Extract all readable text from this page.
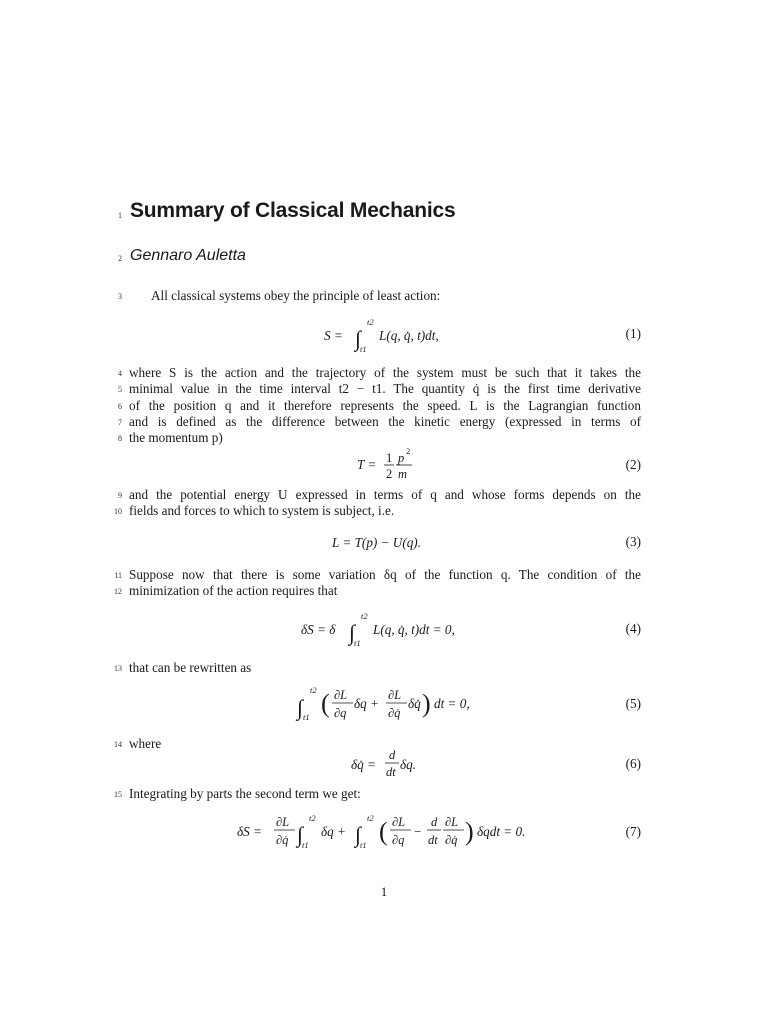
1
2
3
4
5
6
7
8
9
10
11
12
13
14
15
Summary of Classical Mechanics
Gennaro Auletta
All classical systems obey the principle of least action:
S = ∫
t2
t1
L(q, q̇, t)dt,	(1)
where S is the action and the trajectory of the system must be such that it takes the
minimal value in the time interval t2 − t1. The quantity q̇ is the first time derivative
of the position q and it therefore represents the speed. L is the Lagrangian function
and is defined as the difference between the kinetic energy (expressed in terms of
the momentum p)
T = 1
2
p 2
m
(2)
and the potential energy U expressed in terms of q and whose forms depends on the
fields and forces to which to system is subject, i.e.
L = T(p) − U(q).	(3)
Suppose now that there is some variation δq of the function q. The condition of the
minimization of the action requires that
δS = δ ∫
t2
t1
L(q, q̇, t)dt = 0,	(4)
that can be rewritten as
∫
t2
t1 ( ∂L
∂q
δq +
∂L
∂q̇
δq̇ ) dt = 0,	(5)
where
δq̇ =
d
dt δq.	(6)
Integrating by parts the second term we get:
δS =
∂L
∂q̇ ∫
t2
t1
δq + ∫
t2
t1 ( ∂L
∂q
−
d
dt
∂L
∂q̇ ) δqdt = 0.	(7)
1
